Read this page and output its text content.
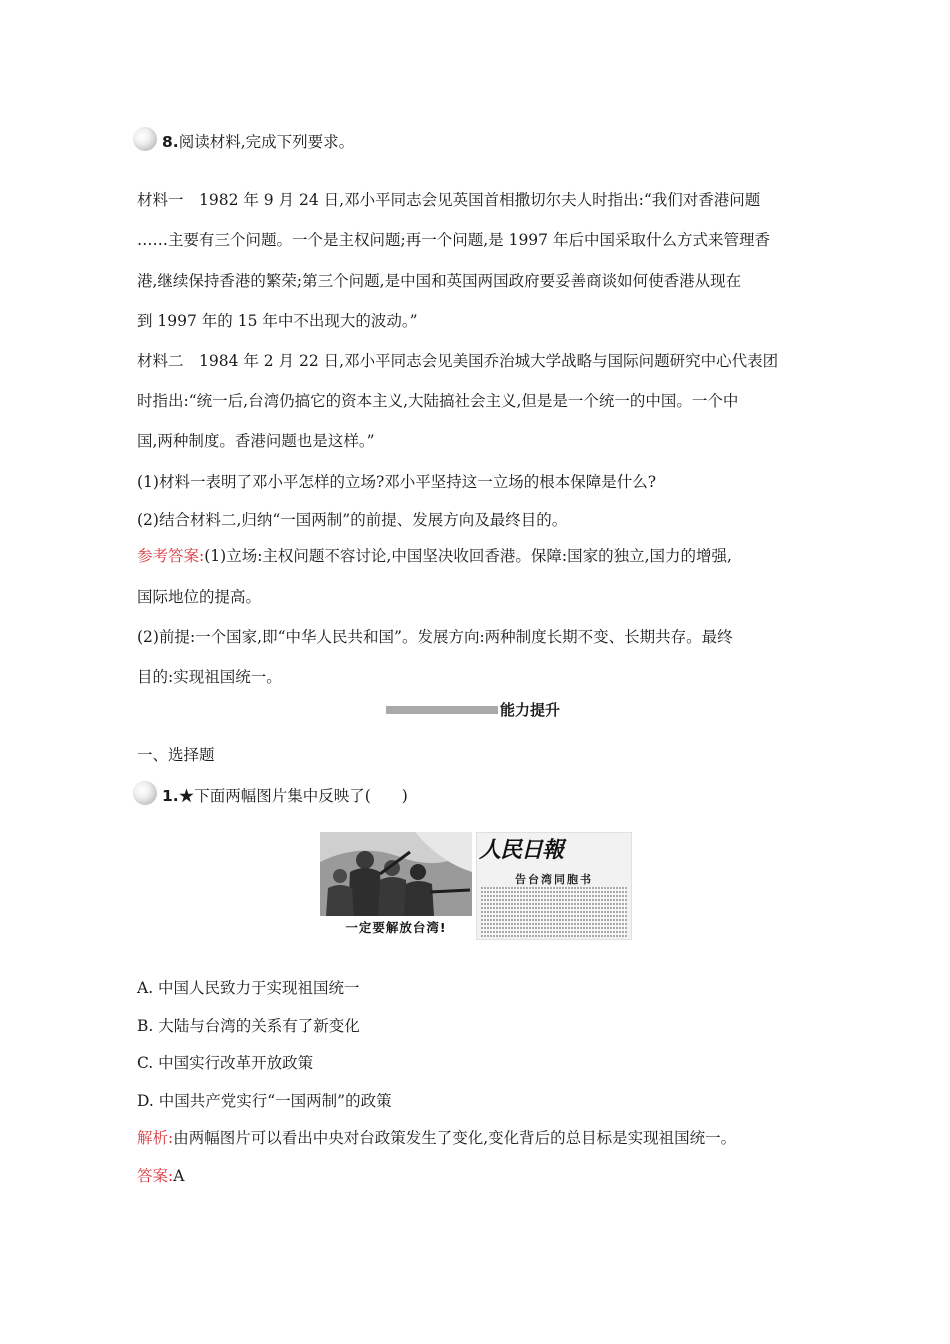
8.阅读材料,完成下列要求。
材料一　1982 年 9 月 24 日,邓小平同志会见英国首相撒切尔夫人时指出:“我们对香港问题
……主要有三个问题。一个是主权问题;再一个问题,是 1997 年后中国采取什么方式来管理香
港,继续保持香港的繁荣;第三个问题,是中国和英国两国政府要妥善商谈如何使香港从现在
到 1997 年的 15 年中不出现大的波动。”
材料二　1984 年 2 月 22 日,邓小平同志会见美国乔治城大学战略与国际问题研究中心代表团
时指出:“统一后,台湾仍搞它的资本主义,大陆搞社会主义,但是是一个统一的中国。一个中
国,两种制度。香港问题也是这样。”
(1)材料一表明了邓小平怎样的立场?邓小平坚持这一立场的根本保障是什么?
(2)结合材料二,归纳“一国两制”的前提、发展方向及最终目的。
参考答案:(1)立场:主权问题不容讨论,中国坚决收回香港。保障:国家的独立,国力的增强,
国际地位的提高。
(2)前提:一个国家,即“中华人民共和国”。发展方向:两种制度长期不变、长期共存。最终
目的:实现祖国统一。
能力提升
一、选择题
1.★下面两幅图片集中反映了(　　)
一定要解放台湾!
人民日報
告台湾同胞书
A. 中国人民致力于实现祖国统一
B. 大陆与台湾的关系有了新变化
C. 中国实行改革开放政策
D. 中国共产党实行“一国两制”的政策
解析:由两幅图片可以看出中央对台政策发生了变化,变化背后的总目标是实现祖国统一。
答案:A
